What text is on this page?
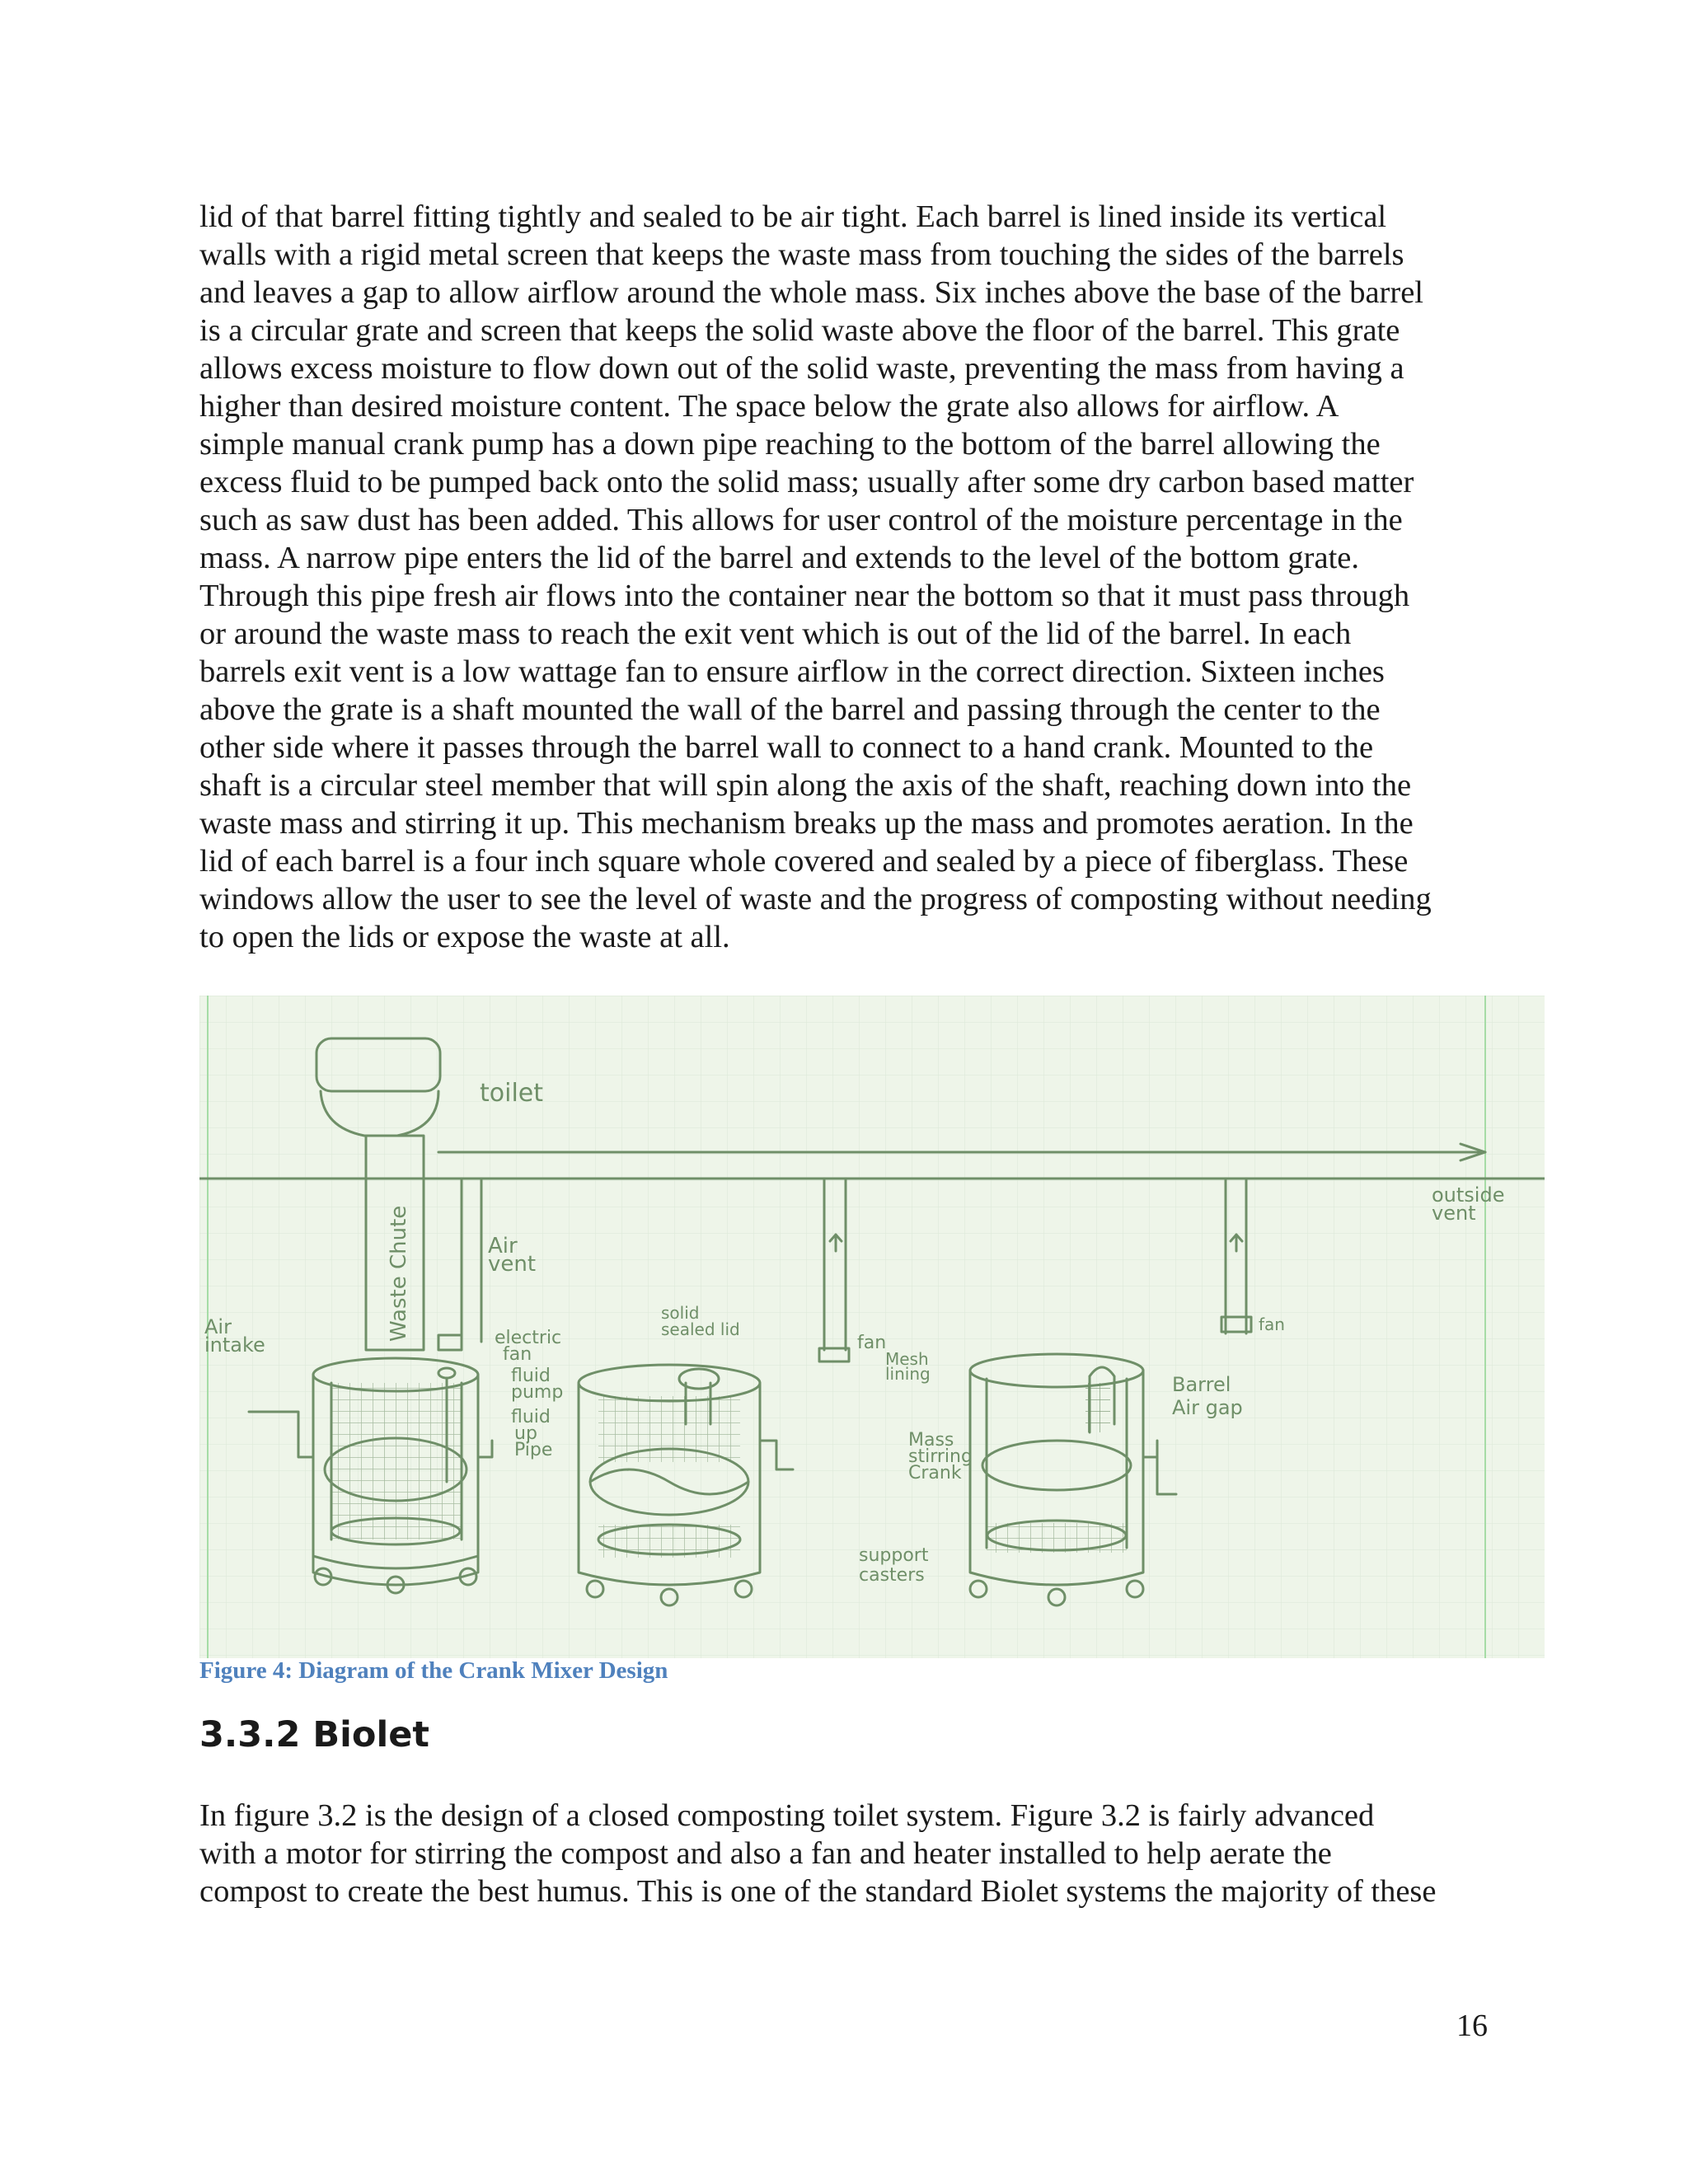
lid of that barrel fitting tightly and sealed to be air tight. Each barrel is lined inside its vertical
walls with a rigid metal screen that keeps the waste mass from touching the sides of the barrels
and leaves a gap to allow airflow around the whole mass. Six inches above the base of the barrel
is a circular grate and screen that keeps the solid waste above the floor of the barrel. This grate
allows excess moisture to flow down out of the solid waste, preventing the mass from having a
higher than desired moisture content. The space below the grate also allows for airflow. A
simple manual crank pump has a down pipe reaching to the bottom of the barrel allowing the
excess fluid to be pumped back onto the solid mass; usually after some dry carbon based matter
such as saw dust has been added. This allows for user control of the moisture percentage in the
mass. A narrow pipe enters the lid of the barrel and extends to the level of the bottom grate.
Through this pipe fresh air flows into the container near the bottom so that it must pass through
or around the waste mass to reach the exit vent which is out of the lid of the barrel. In each
barrels exit vent is a low wattage fan to ensure airflow in the correct direction. Sixteen inches
above the grate is a shaft mounted the wall of the barrel and passing through the center to the
other side where it passes through the barrel wall to connect to a hand crank. Mounted to the
shaft is a circular steel member that will spin along the axis of the shaft, reaching down into the
waste mass and stirring it up. This mechanism breaks up the mass and promotes aeration. In the
lid of each barrel is a four inch square whole covered and sealed by a piece of fiberglass. These
windows allow the user to see the level of waste and the progress of composting without needing
to open the lids or expose the waste at all.
toilet
outside
vent
Waste Chute	Air
vent
Air
intake	electric
fan
fluid
pump
fluid
up
Pipe
solid
sealed lid
fan
Mesh
lining
Mass
stirring
Crank
support
casters
fan
Barrel
Air gap
Figure 4: Diagram of the Crank Mixer Design
3.3.2 Biolet
In figure 3.2 is the design of a closed composting toilet system. Figure 3.2 is fairly advanced
with a motor for stirring the compost and also a fan and heater installed to help aerate the
compost to create the best humus. This is one of the standard Biolet systems the majority of these
16
